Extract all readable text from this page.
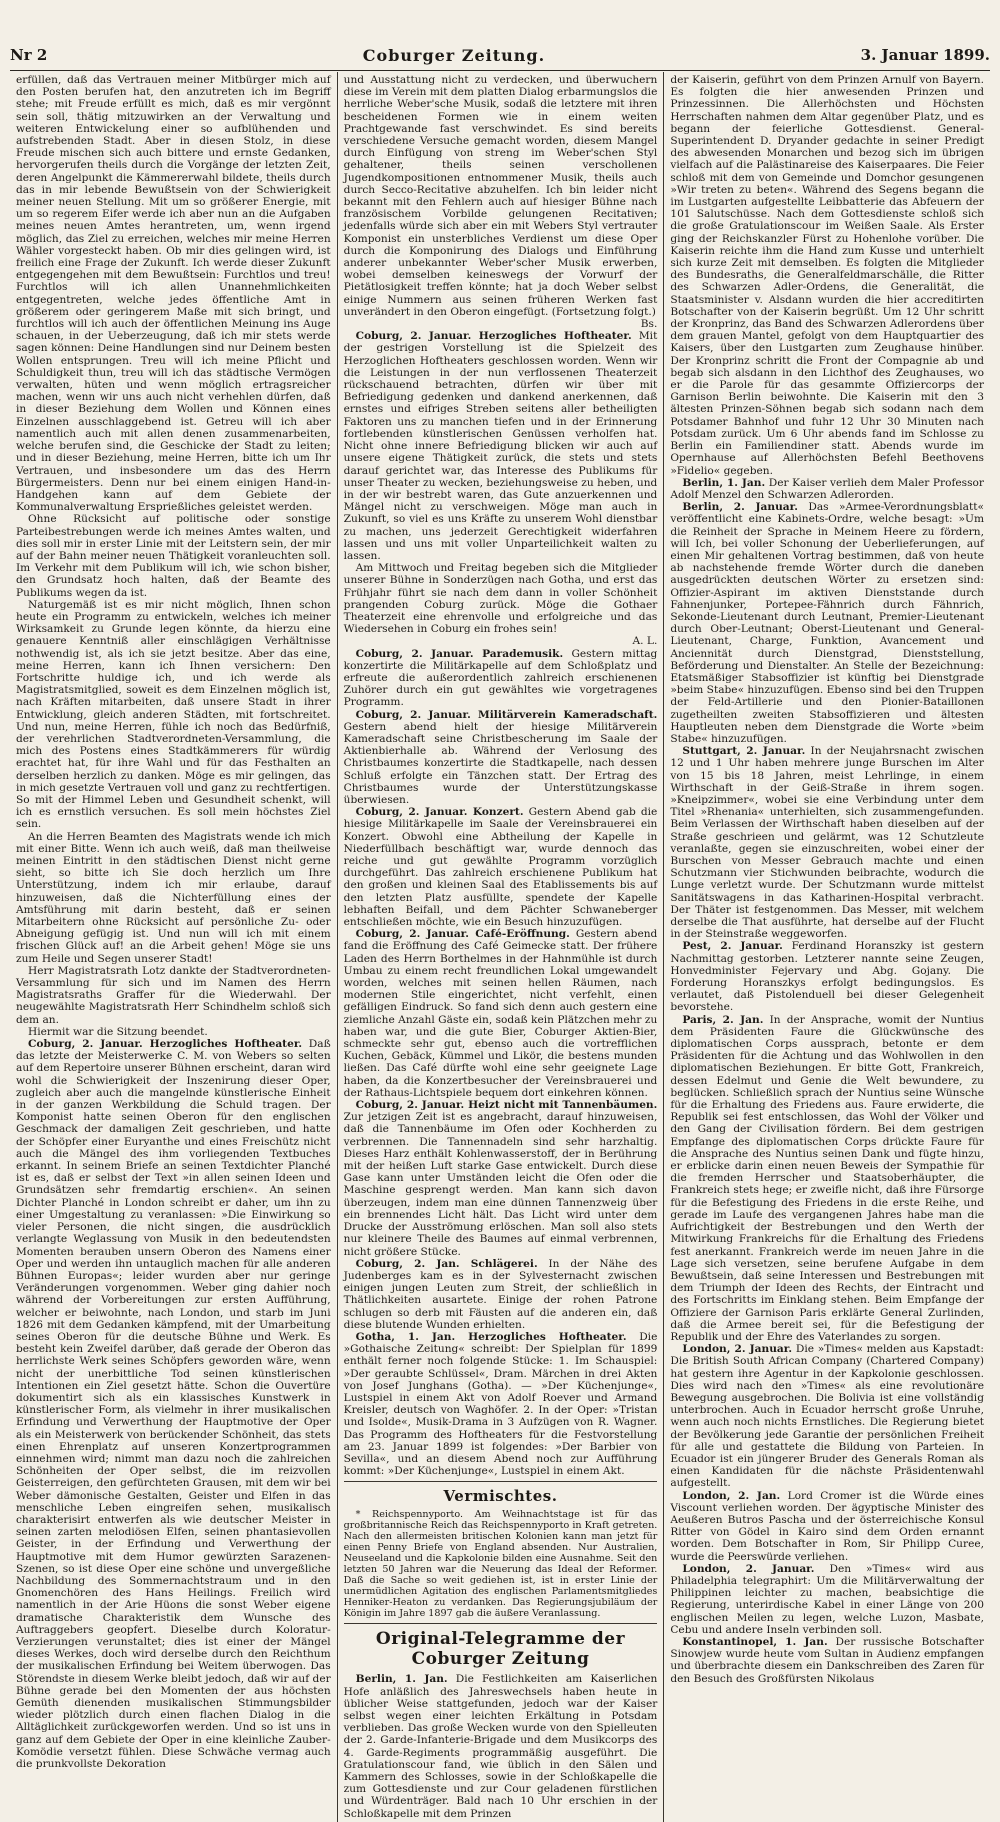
Nr 2	Coburger Zeitung.	3. Januar 1899.

erfüllen, daß das Vertrauen meiner Mitbürger mich auf den Posten berufen hat, den anzutreten ich im Begriff stehe; mit Freude erfüllt es mich, daß es mir vergönnt sein soll, thätig mitzuwirken an der Verwaltung und weiteren Entwickelung einer so aufblühenden und aufstrebenden Stadt. Aber in diesen Stolz, in diese Freude mischen sich auch bittere und ernste Gedanken, hervorgerufen theils durch die Vorgänge der letzten Zeit, deren Angelpunkt die Kämmererwahl bildete, theils durch das in mir lebende Bewußtsein von der Schwierigkeit meiner neuen Stellung. Mit um so größerer Energie, mit um so regerem Eifer werde ich aber nun an die Aufgaben meines neuen Amtes herantreten, um, wenn irgend möglich, das Ziel zu erreichen, welches mir meine Herren Wähler vorgesteckt haben. Ob mir dies gelingen wird, ist freilich eine Frage der Zukunft. Ich werde dieser Zukunft entgegengehen mit dem Bewußtsein: Furchtlos und treu! Furchtlos will ich allen Unannehmlichkeiten entgegentreten, welche jedes öffentliche Amt in größerem oder geringerem Maße mit sich bringt, und furchtlos will ich auch der öffentlichen Meinung ins Auge schauen, in der Ueberzeugung, daß ich mir stets werde sagen können: Deine Handlungen sind nur Deinem besten Wollen entsprungen. Treu will ich meine Pflicht und Schuldigkeit thun, treu will ich das städtische Vermögen verwalten, hüten und wenn möglich ertragsreicher machen, wenn wir uns auch nicht verhehlen dürfen, daß in dieser Beziehung dem Wollen und Können eines Einzelnen ausschlaggebend ist. Getreu will ich aber namentlich auch mit allen denen zusammenarbeiten, welche berufen sind, die Geschicke der Stadt zu leiten; und in dieser Beziehung, meine Herren, bitte ich um Ihr Vertrauen, und insbesondere um das des Herrn Bürgermeisters. Denn nur bei einem einigen Hand-in-Handgehen kann auf dem Gebiete der Kommunalverwaltung Ersprießliches geleistet werden.

Ohne Rücksicht auf politische oder sonstige Parteibestrebungen werde ich meines Amtes walten, und dies soll mir in erster Linie mit der Leitstern sein, der mir auf der Bahn meiner neuen Thätigkeit voranleuchten soll. Im Verkehr mit dem Publikum will ich, wie schon bisher, den Grundsatz hoch halten, daß der Beamte des Publikums wegen da ist.

Naturgemäß ist es mir nicht möglich, Ihnen schon heute ein Programm zu entwickeln, welches ich meiner Wirksamkeit zu Grunde legen könnte, da hierzu eine genauere Kenntniß aller einschlägigen Verhältnisse nothwendig ist, als ich sie jetzt besitze. Aber das eine, meine Herren, kann ich Ihnen versichern: Den Fortschritte huldige ich, und ich werde als Magistratsmitglied, soweit es dem Einzelnen möglich ist, nach Kräften mitarbeiten, daß unsere Stadt in ihrer Entwicklung, gleich anderen Städten, mit fortschreitet. Und nun, meine Herren, fühle ich noch das Bedürfniß, der verehrlichen Stadtverordneten-Versammlung, die mich des Postens eines Stadtkämmerers für würdig erachtet hat, für ihre Wahl und für das Festhalten an derselben herzlich zu danken. Möge es mir gelingen, das in mich gesetzte Vertrauen voll und ganz zu rechtfertigen. So mit der Himmel Leben und Gesundheit schenkt, will ich es ernstlich versuchen. Es soll mein höchstes Ziel sein.

An die Herren Beamten des Magistrats wende ich mich mit einer Bitte. Wenn ich auch weiß, daß man theilweise meinen Eintritt in den städtischen Dienst nicht gerne sieht, so bitte ich Sie doch herzlich um Ihre Unterstützung, indem ich mir erlaube, darauf hinzuweisen, daß die Nichterfüllung eines der Amtsführung mit darin besteht, daß er seinen Mitarbeitern ohne Rücksicht auf persönliche Zu- oder Abneigung gefügig ist. Und nun will ich mit einem frischen Glück auf! an die Arbeit gehen! Möge sie uns zum Heile und Segen unserer Stadt!

Herr Magistratsrath Lotz dankte der Stadtverordneten-Versammlung für sich und im Namen des Herrn Magistratsraths Graffer für die Wiederwahl. Der neugewählte Magistratsrath Herr Schindhelm schloß sich dem an.

Hiermit war die Sitzung beendet.

Coburg, 2. Januar. Herzogliches Hoftheater. Daß das letzte der Meisterwerke C. M. von Webers so selten auf dem Repertoire unserer Bühnen erscheint, daran wird wohl die Schwierigkeit der Inszenirung dieser Oper, zugleich aber auch die mangelnde künstlerische Einheit in der ganzen Werkbildung die Schuld tragen. Der Komponist hatte seinen Oberon für den englischen Geschmack der damaligen Zeit geschrieben, und hatte der Schöpfer einer Euryanthe und eines Freischütz nicht auch die Mängel des ihm vorliegenden Textbuches erkannt. In seinem Briefe an seinen Textdichter Planché ist es, daß er selbst der Text »in allen seinen Ideen und Grundsätzen sehr fremdartig erschien«. An seinen Dichter Planché in London schreibt er daher, um ihn zu einer Umgestaltung zu veranlassen: »Die Einwirkung so vieler Personen, die nicht singen, die ausdrücklich verlangte Weglassung von Musik in den bedeutendsten Momenten berauben unsern Oberon des Namens einer Oper und werden ihn untauglich machen für alle anderen Bühnen Europas«; leider wurden aber nur geringe Veränderungen vorgenommen. Weber ging dahier noch während der Vorbereitungen zur ersten Aufführung, welcher er beiwohnte, nach London, und starb im Juni 1826 mit dem Gedanken kämpfend, mit der Umarbeitung seines Oberon für die deutsche Bühne und Werk. Es besteht kein Zweifel darüber, daß gerade der Oberon das herrlichste Werk seines Schöpfers geworden wäre, wenn nicht der unerbittliche Tod seinen künstlerischen Intentionen ein Ziel gesetzt hätte. Schon die Ouvertüre dokumentirt sich als ein klassisches Kunstwerk in künstlerischer Form, als vielmehr in ihrer musikalischen Erfindung und Verwerthung der Hauptmotive der Oper als ein Meisterwerk von berückender Schönheit, das stets einen Ehrenplatz auf unseren Konzertprogrammen einnehmen wird; nimmt man dazu noch die zahlreichen Schönheiten der Oper selbst, die im reizvollen Geisterreigen, den gefürchteten Grausen, mit dem wir bei Weber dämonische Gestalten, Geister und Elfen in das menschliche Leben eingreifen sehen, musikalisch charakterisirt entwerfen als wie deutscher Meister in seinen zarten melodiösen Elfen, seinen phantasievollen Geister, in der Erfindung und Verwerthung der Hauptmotive mit dem Humor gewürzten Sarazenen-Szenen, so ist diese Oper eine schöne und unvergeßliche Nachbildung des Sommernachtstraum und in den Gnomenchören des Hans Heilings. Freilich wird namentlich in der Arie Hüons die sonst Weber eigene dramatische Charakteristik dem Wunsche des Auftraggebers geopfert. Dieselbe durch Koloratur-Verzierungen verunstaltet; dies ist einer der Mängel dieses Werkes, doch wird derselbe durch den Reichthum der musikalischen Erfindung bei Weitem überwogen. Das Störendste in diesem Werke bleibt jedoch, daß wir auf der Bühne gerade bei den Momenten der aus höchsten Gemüth dienenden musikalischen Stimmungsbilder wieder plötzlich durch einen flachen Dialog in die Alltäglichkeit zurückgeworfen werden. Und so ist uns in ganz auf dem Gebiete der Oper in eine kleinliche Zauber-Komödie versetzt fühlen. Diese Schwäche vermag auch die prunkvollste Dekoration

und Ausstattung nicht zu verdecken, und überwuchern diese im Verein mit dem platten Dialog erbarmungslos die herrliche Weber'sche Musik, sodaß die letztere mit ihren bescheidenen Formen wie in einem weiten Prachtgewande fast verschwindet. Es sind bereits verschiedene Versuche gemacht worden, diesem Mangel durch Einfügung von streng im Weber'schen Styl gehaltener, theils seinen verschollenen Jugendkompositionen entnommener Musik, theils auch durch Secco-Recitative abzuhelfen. Ich bin leider nicht bekannt mit den Fehlern auch auf hiesiger Bühne nach französischem Vorbilde gelungenen Recitativen; jedenfalls würde sich aber ein mit Webers Styl vertrauter Komponist ein unsterbliches Verdienst um diese Oper durch die Komponirung des Dialogs und Einführung anderer unbekannter Weber'scher Musik erwerben, wobei demselben keineswegs der Vorwurf der Pietätlosigkeit treffen könnte; hat ja doch Weber selbst einige Nummern aus seinen früheren Werken fast unverändert in den Oberon eingefügt. (Fortsetzung folgt.)

Bs.

Coburg, 2. Januar. Herzogliches Hoftheater. Mit der gestrigen Vorstellung ist die Spielzeit des Herzoglichen Hoftheaters geschlossen worden. Wenn wir die Leistungen in der nun verflossenen Theaterzeit rückschauend betrachten, dürfen wir über mit Befriedigung gedenken und dankend anerkennen, daß ernstes und eifriges Streben seitens aller betheiligten Faktoren uns zu manchen tiefen und in der Erinnerung fortlebenden künstlerischen Genüssen verholfen hat. Nicht ohne innere Befriedigung blicken wir auch auf unsere eigene Thätigkeit zurück, die stets und stets darauf gerichtet war, das Interesse des Publikums für unser Theater zu wecken, beziehungsweise zu heben, und in der wir bestrebt waren, das Gute anzuerkennen und Mängel nicht zu verschweigen. Möge man auch in Zukunft, so viel es uns Kräfte zu unserem Wohl dienstbar zu machen, uns jederzeit Gerechtigkeit widerfahren lassen und uns mit voller Unparteilichkeit walten zu lassen.

Am Mittwoch und Freitag begeben sich die Mitglieder unserer Bühne in Sonderzügen nach Gotha, und erst das Frühjahr führt sie nach dem dann in voller Schönheit prangenden Coburg zurück. Möge die Gothaer Theaterzeit eine ehrenvolle und erfolgreiche und das Wiedersehen in Coburg ein frohes sein!

A. L.

Coburg, 2. Januar. Parademusik. Gestern mittag konzertirte die Militärkapelle auf dem Schloßplatz und erfreute die außerordentlich zahlreich erschienenen Zuhörer durch ein gut gewähltes wie vorgetragenes Programm.

Coburg, 2. Januar. Militärverein Kameradschaft. Gestern abend hielt der hiesige Militärverein Kameradschaft seine Christbescherung im Saale der Aktienbierhalle ab. Während der Verlosung des Christbaumes konzertirte die Stadtkapelle, nach dessen Schluß erfolgte ein Tänzchen statt. Der Ertrag des Christbaumes wurde der Unterstützungskasse überwiesen.

Coburg, 2. Januar. Konzert. Gestern Abend gab die hiesige Militärkapelle im Saale der Vereinsbrauerei ein Konzert. Obwohl eine Abtheilung der Kapelle in Niederfüllbach beschäftigt war, wurde dennoch das reiche und gut gewählte Programm vorzüglich durchgeführt. Das zahlreich erschienene Publikum hat den großen und kleinen Saal des Etablissements bis auf den letzten Platz ausfüllte, spendete der Kapelle lebhaften Beifall, und dem Pächter Schwaneberger entschließen möchte, wie ein Besuch hinzuzufügen.

Coburg, 2. Januar. Café-Eröffnung. Gestern abend fand die Eröffnung des Café Geimecke statt. Der frühere Laden des Herrn Borthelmes in der Hahnmühle ist durch Umbau zu einem recht freundlichen Lokal umgewandelt worden, welches mit seinen hellen Räumen, nach modernen Stile eingerichtet, nicht verfehlt, einen gefälligen Eindruck. So fand sich denn auch gestern eine ziemliche Anzahl Gäste ein, sodaß kein Plätzchen mehr zu haben war, und die gute Bier, Coburger Aktien-Bier, schmeckte sehr gut, ebenso auch die vortrefflichen Kuchen, Gebäck, Kümmel und Likör, die bestens munden ließen. Das Café dürfte wohl eine sehr geeignete Lage haben, da die Konzertbesucher der Vereinsbrauerei und der Rathaus-Lichtspiele bequem dort einkehren können.

Coburg, 2. Januar. Heizt nicht mit Tannenbäumen. Zur jetzigen Zeit ist es angebracht, darauf hinzuweisen, daß die Tannenbäume im Ofen oder Kochherden zu verbrennen. Die Tannennadeln sind sehr harzhaltig. Dieses Harz enthält Kohlenwasserstoff, der in Berührung mit der heißen Luft starke Gase entwickelt. Durch diese Gase kann unter Umständen leicht die Ofen oder die Maschine gesprengt werden. Man kann sich davon überzeugen, indem man eine dünnen Tannenzweig über ein brennendes Licht hält. Das Licht wird unter dem Drucke der Ausströmung erlöschen. Man soll also stets nur kleinere Theile des Baumes auf einmal verbrennen, nicht größere Stücke.

Coburg, 2. Jan. Schlägerei. In der Nähe des Judenberges kam es in der Sylvesternacht zwischen einigen jungen Leuten zum Streit, der schließlich in Thätlichkeiten ausartete. Einige der rohen Patrone schlugen so derb mit Fäusten auf die anderen ein, daß diese blutende Wunden erhielten.

Gotha, 1. Jan. Herzogliches Hoftheater. Die »Gothaische Zeitung« schreibt: Der Spielplan für 1899 enthält ferner noch folgende Stücke: 1. Im Schauspiel: »Der geraubte Schlüssel«, Dram. Märchen in drei Akten von Josef Junghans (Gotha). — »Der Küchenjunge«, Lustspiel in einem Akt von Adolf Roever und Armand Kreisler, deutsch von Waghöfer. 2. In der Oper: »Tristan und Isolde«, Musik-Drama in 3 Aufzügen von R. Wagner. Das Programm des Hoftheaters für die Festvorstellung am 23. Januar 1899 ist folgendes: »Der Barbier von Sevilla«, und an diesem Abend noch zur Aufführung kommt: »Der Küchenjunge«, Lustspiel in einem Akt.

Vermischtes.

* Reichspennyporto. Am Weihnachtstage ist für das großbritannische Reich das Reichspennyporto in Kraft getreten. Nach den allermeisten britischen Kolonien kann man jetzt für einen Penny Briefe von England absenden. Nur Australien, Neuseeland und die Kapkolonie bilden eine Ausnahme. Seit den letzten 50 Jahren war die Neuerung das Ideal der Reformer. Daß die Sache so weit gediehen ist, ist in erster Linie der unermüdlichen Agitation des englischen Parlamentsmitgliedes Henniker-Heaton zu verdanken. Das Regierungsjubiläum der Königin im Jahre 1897 gab die äußere Veranlassung.

Original-Telegramme der Coburger Zeitung

Berlin, 1. Jan. Die Festlichkeiten am Kaiserlichen Hofe anläßlich des Jahreswechsels haben heute in üblicher Weise stattgefunden, jedoch war der Kaiser selbst wegen einer leichten Erkältung in Potsdam verblieben. Das große Wecken wurde von den Spielleuten der 2. Garde-Infanterie-Brigade und dem Musikcorps des 4. Garde-Regiments programmäßig ausgeführt. Die Gratulationscour fand, wie üblich in den Sälen und Kammern des Schlosses, sowie in der Schloßkapelle die zum Gottesdienste und zur Cour geladenen fürstlichen und Würdenträger. Bald nach 10 Uhr erschien in der Schloßkapelle mit dem Prinzen

der Kaiserin, geführt von dem Prinzen Arnulf von Bayern. Es folgten die hier anwesenden Prinzen und Prinzessinnen. Die Allerhöchsten und Höchsten Herrschaften nahmen dem Altar gegenüber Platz, und es begann der feierliche Gottesdienst. General-Superintendent D. Dryander gedachte in seiner Predigt des abwesenden Monarchen und bezog sich im übrigen vielfach auf die Palästinareise des Kaiserpaares. Die Feier schloß mit dem von Gemeinde und Domchor gesungenen »Wir treten zu beten«. Während des Segens begann die im Lustgarten aufgestellte Leibbatterie das Abfeuern der 101 Salutschüsse. Nach dem Gottesdienste schloß sich die große Gratulationscour im Weißen Saale. Als Erster ging der Reichskanzler Fürst zu Hohenlohe vorüber. Die Kaiserin reichte ihm die Hand zum Kusse und unterhielt sich kurze Zeit mit demselben. Es folgten die Mitglieder des Bundesraths, die Generalfeldmarschälle, die Ritter des Schwarzen Adler-Ordens, die Generalität, die Staatsminister v. Alsdann wurden die hier accreditirten Botschafter von der Kaiserin begrüßt. Um 12 Uhr schritt der Kronprinz, das Band des Schwarzen Adlerordens über dem grauen Mantel, gefolgt von dem Hauptquartier des Kaisers, über den Lustgarten zum Zeughause hinüber. Der Kronprinz schritt die Front der Compagnie ab und begab sich alsdann in den Lichthof des Zeughauses, wo er die Parole für das gesammte Offiziercorps der Garnison Berlin beiwohnte. Die Kaiserin mit den 3 ältesten Prinzen-Söhnen begab sich sodann nach dem Potsdamer Bahnhof und fuhr 12 Uhr 30 Minuten nach Potsdam zurück. Um 6 Uhr abends fand im Schlosse zu Berlin ein Familiendiner statt. Abends wurde im Opernhause auf Allerhöchsten Befehl Beethovens »Fidelio« gegeben.

Berlin, 1. Jan. Der Kaiser verlieh dem Maler Professor Adolf Menzel den Schwarzen Adlerorden.

Berlin, 2. Januar. Das »Armee-Verordnungsblatt« veröffentlicht eine Kabinets-Ordre, welche besagt: »Um die Reinheit der Sprache in Meinem Heere zu fördern, will Ich, bei voller Schonung der Ueberlieferungen, auf einen Mir gehaltenen Vortrag bestimmen, daß von heute ab nachstehende fremde Wörter durch die daneben ausgedrückten deutschen Wörter zu ersetzen sind: Offizier-Aspirant im aktiven Dienststande durch Fahnenjunker, Portepee-Fähnrich durch Fähnrich, Sekonde-Lieutenant durch Leutnant, Premier-Lieutenant durch Ober-Leutnant; Oberst-Lieutenant und General-Lieutenant, Charge, Funktion, Avancement und Anciennität durch Dienstgrad, Dienststellung, Beförderung und Dienstalter. An Stelle der Bezeichnung: Etatsmäßiger Stabsoffizier ist künftig bei Dienstgrade »beim Stabe« hinzuzufügen. Ebenso sind bei den Truppen der Feld-Artillerie und den Pionier-Bataillonen zugetheilten zweiten Stabsoffizieren und ältesten Hauptleuten neben dem Dienstgrade die Worte »beim Stabe« hinzuzufügen.

Stuttgart, 2. Januar. In der Neujahrsnacht zwischen 12 und 1 Uhr haben mehrere junge Burschen im Alter von 15 bis 18 Jahren, meist Lehrlinge, in einem Wirthschaft in der Geiß-Straße in ihrem sogen. »Kneipzimmer«, wobei sie eine Verbindung unter dem Titel »Rhenania« unterhielten, sich zusammengefunden. Beim Verlassen der Wirthschaft haben dieselben auf der Straße geschrieen und gelärmt, was 12 Schutzleute veranlaßte, gegen sie einzuschreiten, wobei einer der Burschen von Messer Gebrauch machte und einen Schutzmann vier Stichwunden beibrachte, wodurch die Lunge verletzt wurde. Der Schutzmann wurde mittelst Sanitätswagens in das Katharinen-Hospital verbracht. Der Thäter ist festgenommen. Das Messer, mit welchem derselbe die That ausführte, hat derselbe auf der Flucht in der Steinstraße weggeworfen.

Pest, 2. Januar. Ferdinand Horanszky ist gestern Nachmittag gestorben. Letzterer nannte seine Zeugen, Honvedminister Fejervary und Abg. Gojany. Die Forderung Horanszkys erfolgt bedingungslos. Es verlautet, daß Pistolenduell bei dieser Gelegenheit bevorstehe.

Paris, 2. Jan. In der Ansprache, womit der Nuntius dem Präsidenten Faure die Glückwünsche des diplomatischen Corps aussprach, betonte er dem Präsidenten für die Achtung und das Wohlwollen in den diplomatischen Beziehungen. Er bitte Gott, Frankreich, dessen Edelmut und Genie die Welt bewundere, zu beglücken. Schließlich sprach der Nuntius seine Wünsche für die Erhaltung des Friedens aus. Faure erwiderte, die Republik sei fest entschlossen, das Wohl der Völker und den Gang der Civilisation fördern. Bei dem gestrigen Empfange des diplomatischen Corps drückte Faure für die Ansprache des Nuntius seinen Dank und fügte hinzu, er erblicke darin einen neuen Beweis der Sympathie für die fremden Herrscher und Staatsoberhäupter, die Frankreich stets hege; er zweifle nicht, daß ihre Fürsorge für die Befestigung des Friedens in die erste Reihe, und gerade im Laufe des vergangenen Jahres habe man die Aufrichtigkeit der Bestrebungen und den Werth der Mitwirkung Frankreichs für die Erhaltung des Friedens fest anerkannt. Frankreich werde im neuen Jahre in die Lage sich versetzen, seine berufene Aufgabe in dem Bewußtsein, daß seine Interessen und Bestrebungen mit dem Triumph der Ideen des Rechts, der Eintracht und des Fortschritts im Einklang stehen. Beim Empfange der Offiziere der Garnison Paris erklärte General Zurlinden, daß die Armee bereit sei, für die Befestigung der Republik und der Ehre des Vaterlandes zu sorgen.

London, 2. Januar. Die »Times« melden aus Kapstadt: Die British South African Company (Chartered Company) hat gestern ihre Agentur in der Kapkolonie geschlossen. Dies wird nach den »Times« als eine revolutionäre Bewegung ausgebrochen. Die Bolivia ist eine vollständig unterbrochen. Auch in Ecuador herrscht große Unruhe, wenn auch noch nichts Ernstliches. Die Regierung bietet der Bevölkerung jede Garantie der persönlichen Freiheit für alle und gestattete die Bildung von Parteien. In Ecuador ist ein jüngerer Bruder des Generals Roman als einen Kandidaten für die nächste Präsidentenwahl aufgestellt.

London, 2. Jan. Lord Cromer ist die Würde eines Viscount verliehen worden. Der ägyptische Minister des Aeußeren Butros Pascha und der österreichische Konsul Ritter von Gödel in Kairo sind dem Orden ernannt worden. Dem Botschafter in Rom, Sir Philipp Curee, wurde die Peerswürde verliehen.

London, 2. Januar. Den »Times« wird aus Philadelphia telegraphirt: Um die Militärverwaltung der Philippinen leichter zu machen, beabsichtige die Regierung, unterirdische Kabel in einer Länge von 200 englischen Meilen zu legen, welche Luzon, Masbate, Cebu und andere Inseln verbinden soll.

Konstantinopel, 1. Jan. Der russische Botschafter Sinowjew wurde heute vom Sultan in Audienz empfangen und überbrachte diesem ein Dankschreiben des Zaren für den Besuch des Großfürsten Nikolaus
